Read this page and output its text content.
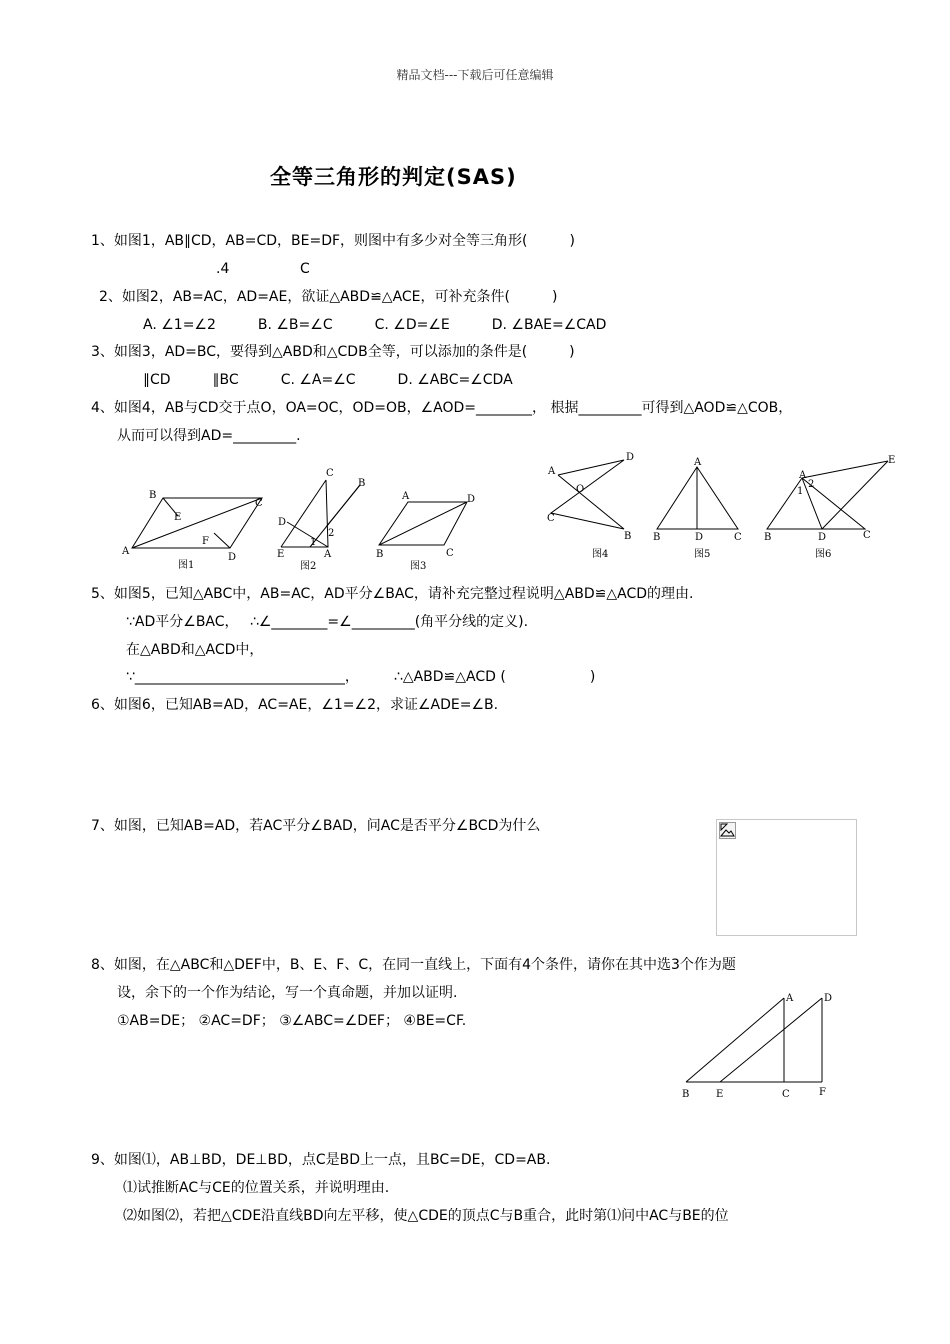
精品文档---下载后可任意编辑
全等三角形的判定(SAS)
1、如图1，AB∥CD，AB=CD，BE=DF，则图中有多少对全等三角形(　　　)
.4	C
2、如图2，AB=AC，AD=AE，欲证△ABD≌△ACE，可补充条件(　　　)
A. ∠1=∠2　　　B. ∠B=∠C　　　C. ∠D=∠E　　　D. ∠BAE=∠CAD
3、如图3，AD=BC，要得到△ABD和△CDB全等，可以添加的条件是(　　　)
∥CD　　　∥BC　　　C. ∠A=∠C　　　D. ∠ABC=∠CDA
4、如图4，AB与CD交于点O，OA=OC，OD=OB，∠AOD=________， 根据_________可得到△AOD≌△COB，
从而可以得到AD=_________.
A
B
C
D
E
F
图1
E	A
C
B
D
2
1
图2
A	D
B	C
图3
A
D
C
B
O
图4
A
B	D	C
图5
A
E
B	D	C
1
2
图6
5、如图5，已知△ABC中，AB=AC，AD平分∠BAC，请补充完整过程说明△ABD≌△ACD的理由.
∵AD平分∠BAC，　 ∴∠________=∠_________(角平分线的定义).
在△ABD和△ACD中，
∵______________________________，　　　∴△ABD≌△ACD (　　　　　　)
6、如图6，已知AB=AD，AC=AE，∠1=∠2，求证∠ADE=∠B.
7、如图，已知AB=AD，若AC平分∠BAD，问AC是否平分∠BCD为什么
8、如图，在△ABC和△DEF中，B、E、F、C，在同一直线上，下面有4个条件，请你在其中选3个作为题
设，余下的一个作为结论，写一个真命题，并加以证明.
①AB=DE； ②AC=DF； ③∠ABC=∠DEF； ④BE=CF.
A	D
B	E	C	F
9、如图⑴，AB⊥BD，DE⊥BD，点C是BD上一点，且BC=DE，CD=AB.
⑴试推断AC与CE的位置关系，并说明理由.
⑵如图⑵，若把△CDE沿直线BD向左平移，使△CDE的顶点C与B重合，此时第⑴问中AC与BE的位
